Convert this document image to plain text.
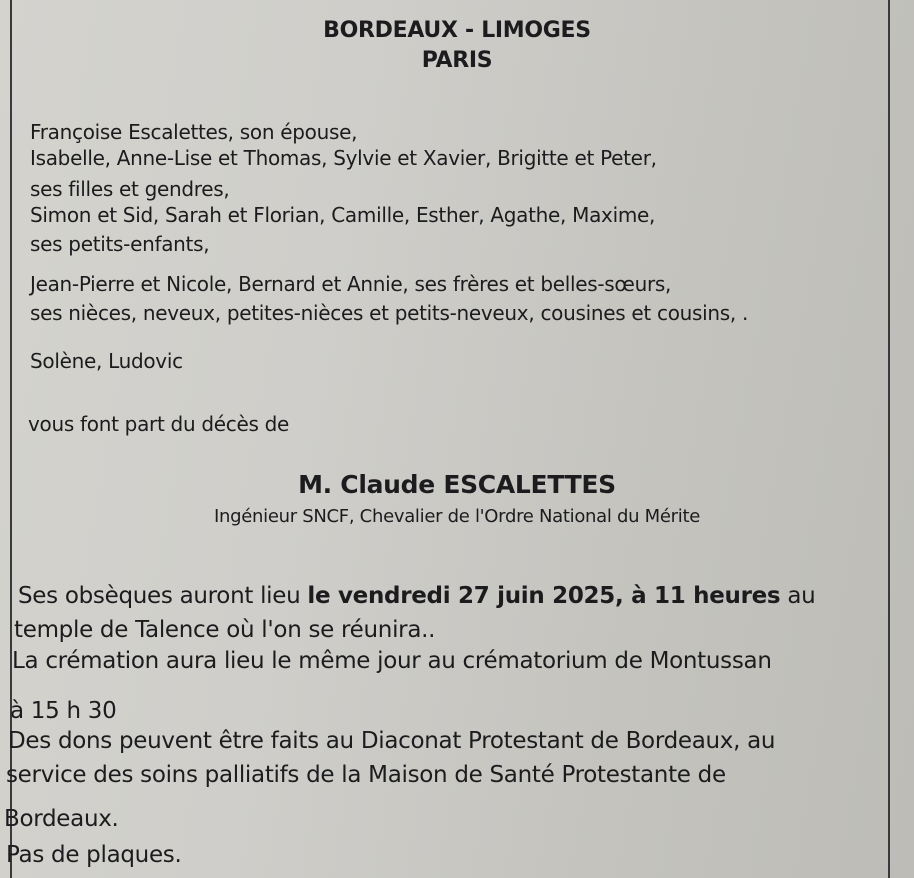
BORDEAUX - LIMOGES
PARIS
Françoise Escalettes, son épouse,
Isabelle, Anne-Lise et Thomas, Sylvie et Xavier, Brigitte et Peter,
ses filles et gendres,
Simon et Sid, Sarah et Florian, Camille, Esther, Agathe, Maxime,
ses petits-enfants,
Jean-Pierre et Nicole, Bernard et Annie, ses frères et belles-sœurs,
ses nièces, neveux, petites-nièces et petits-neveux, cousines et cousins, .
Solène, Ludovic
vous font part du décès de
M. Claude ESCALETTES
Ingénieur SNCF, Chevalier de l'Ordre National du Mérite
Ses obsèques auront lieu le vendredi 27 juin 2025, à 11 heures au
temple de Talence où l'on se réunira..
La crémation aura lieu le même jour au crématorium de Montussan
à 15 h 30
Des dons peuvent être faits au Diaconat Protestant de Bordeaux, au
service des soins palliatifs de la Maison de Santé Protestante de
Bordeaux.
Pas de plaques.
